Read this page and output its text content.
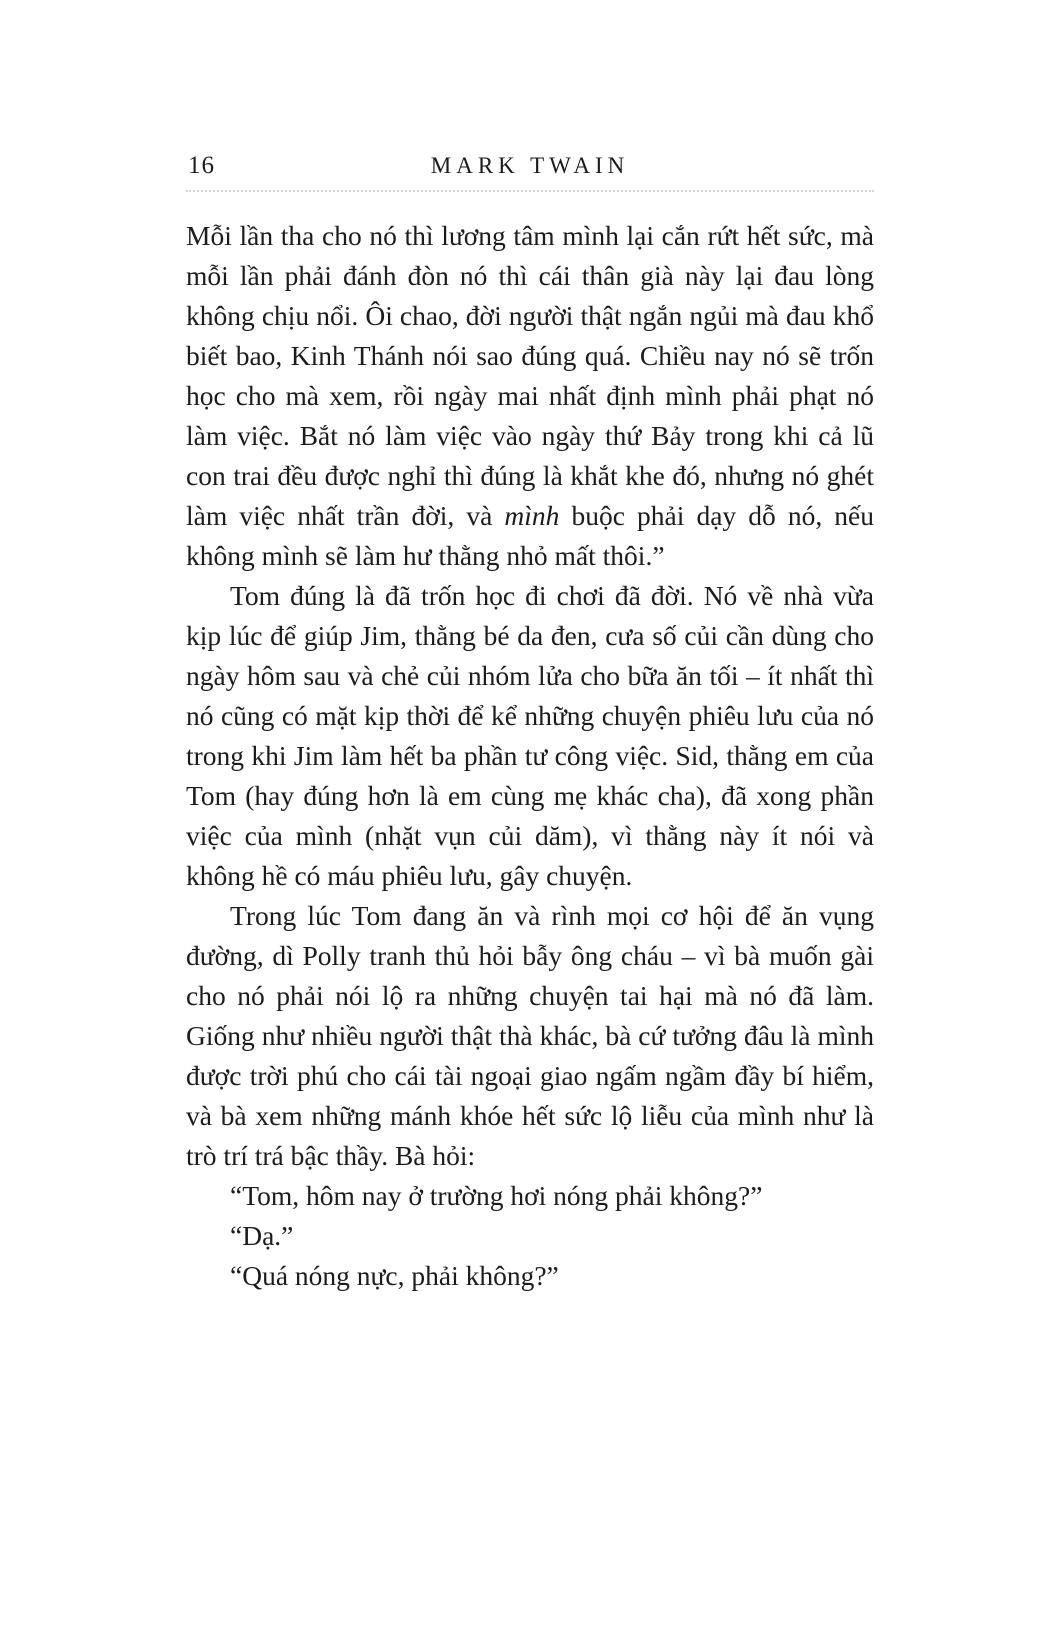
16	MARK TWAIN

Mỗi lần tha cho nó thì lương tâm mình lại cắn rứt hết sức, mà mỗi lần phải đánh đòn nó thì cái thân già này lại đau lòng không chịu nổi. Ôi chao, đời người thật ngắn ngủi mà đau khổ biết bao, Kinh Thánh nói sao đúng quá. Chiều nay nó sẽ trốn học cho mà xem, rồi ngày mai nhất định mình phải phạt nó làm việc. Bắt nó làm việc vào ngày thứ Bảy trong khi cả lũ con trai đều được nghỉ thì đúng là khắt khe đó, nhưng nó ghét làm việc nhất trần đời, và mình buộc phải dạy dỗ nó, nếu không mình sẽ làm hư thằng nhỏ mất thôi.”

Tom đúng là đã trốn học đi chơi đã đời. Nó về nhà vừa kịp lúc để giúp Jim, thằng bé da đen, cưa số củi cần dùng cho ngày hôm sau và chẻ củi nhóm lửa cho bữa ăn tối – ít nhất thì nó cũng có mặt kịp thời để kể những chuyện phiêu lưu của nó trong khi Jim làm hết ba phần tư công việc. Sid, thằng em của Tom (hay đúng hơn là em cùng mẹ khác cha), đã xong phần việc của mình (nhặt vụn củi dăm), vì thằng này ít nói và không hề có máu phiêu lưu, gây chuyện.

Trong lúc Tom đang ăn và rình mọi cơ hội để ăn vụng đường, dì Polly tranh thủ hỏi bẫy ông cháu – vì bà muốn gài cho nó phải nói lộ ra những chuyện tai hại mà nó đã làm. Giống như nhiều người thật thà khác, bà cứ tưởng đâu là mình được trời phú cho cái tài ngoại giao ngấm ngầm đầy bí hiểm, và bà xem những mánh khóe hết sức lộ liễu của mình như là trò trí trá bậc thầy. Bà hỏi:

“Tom, hôm nay ở trường hơi nóng phải không?”

“Dạ.”

“Quá nóng nực, phải không?”
